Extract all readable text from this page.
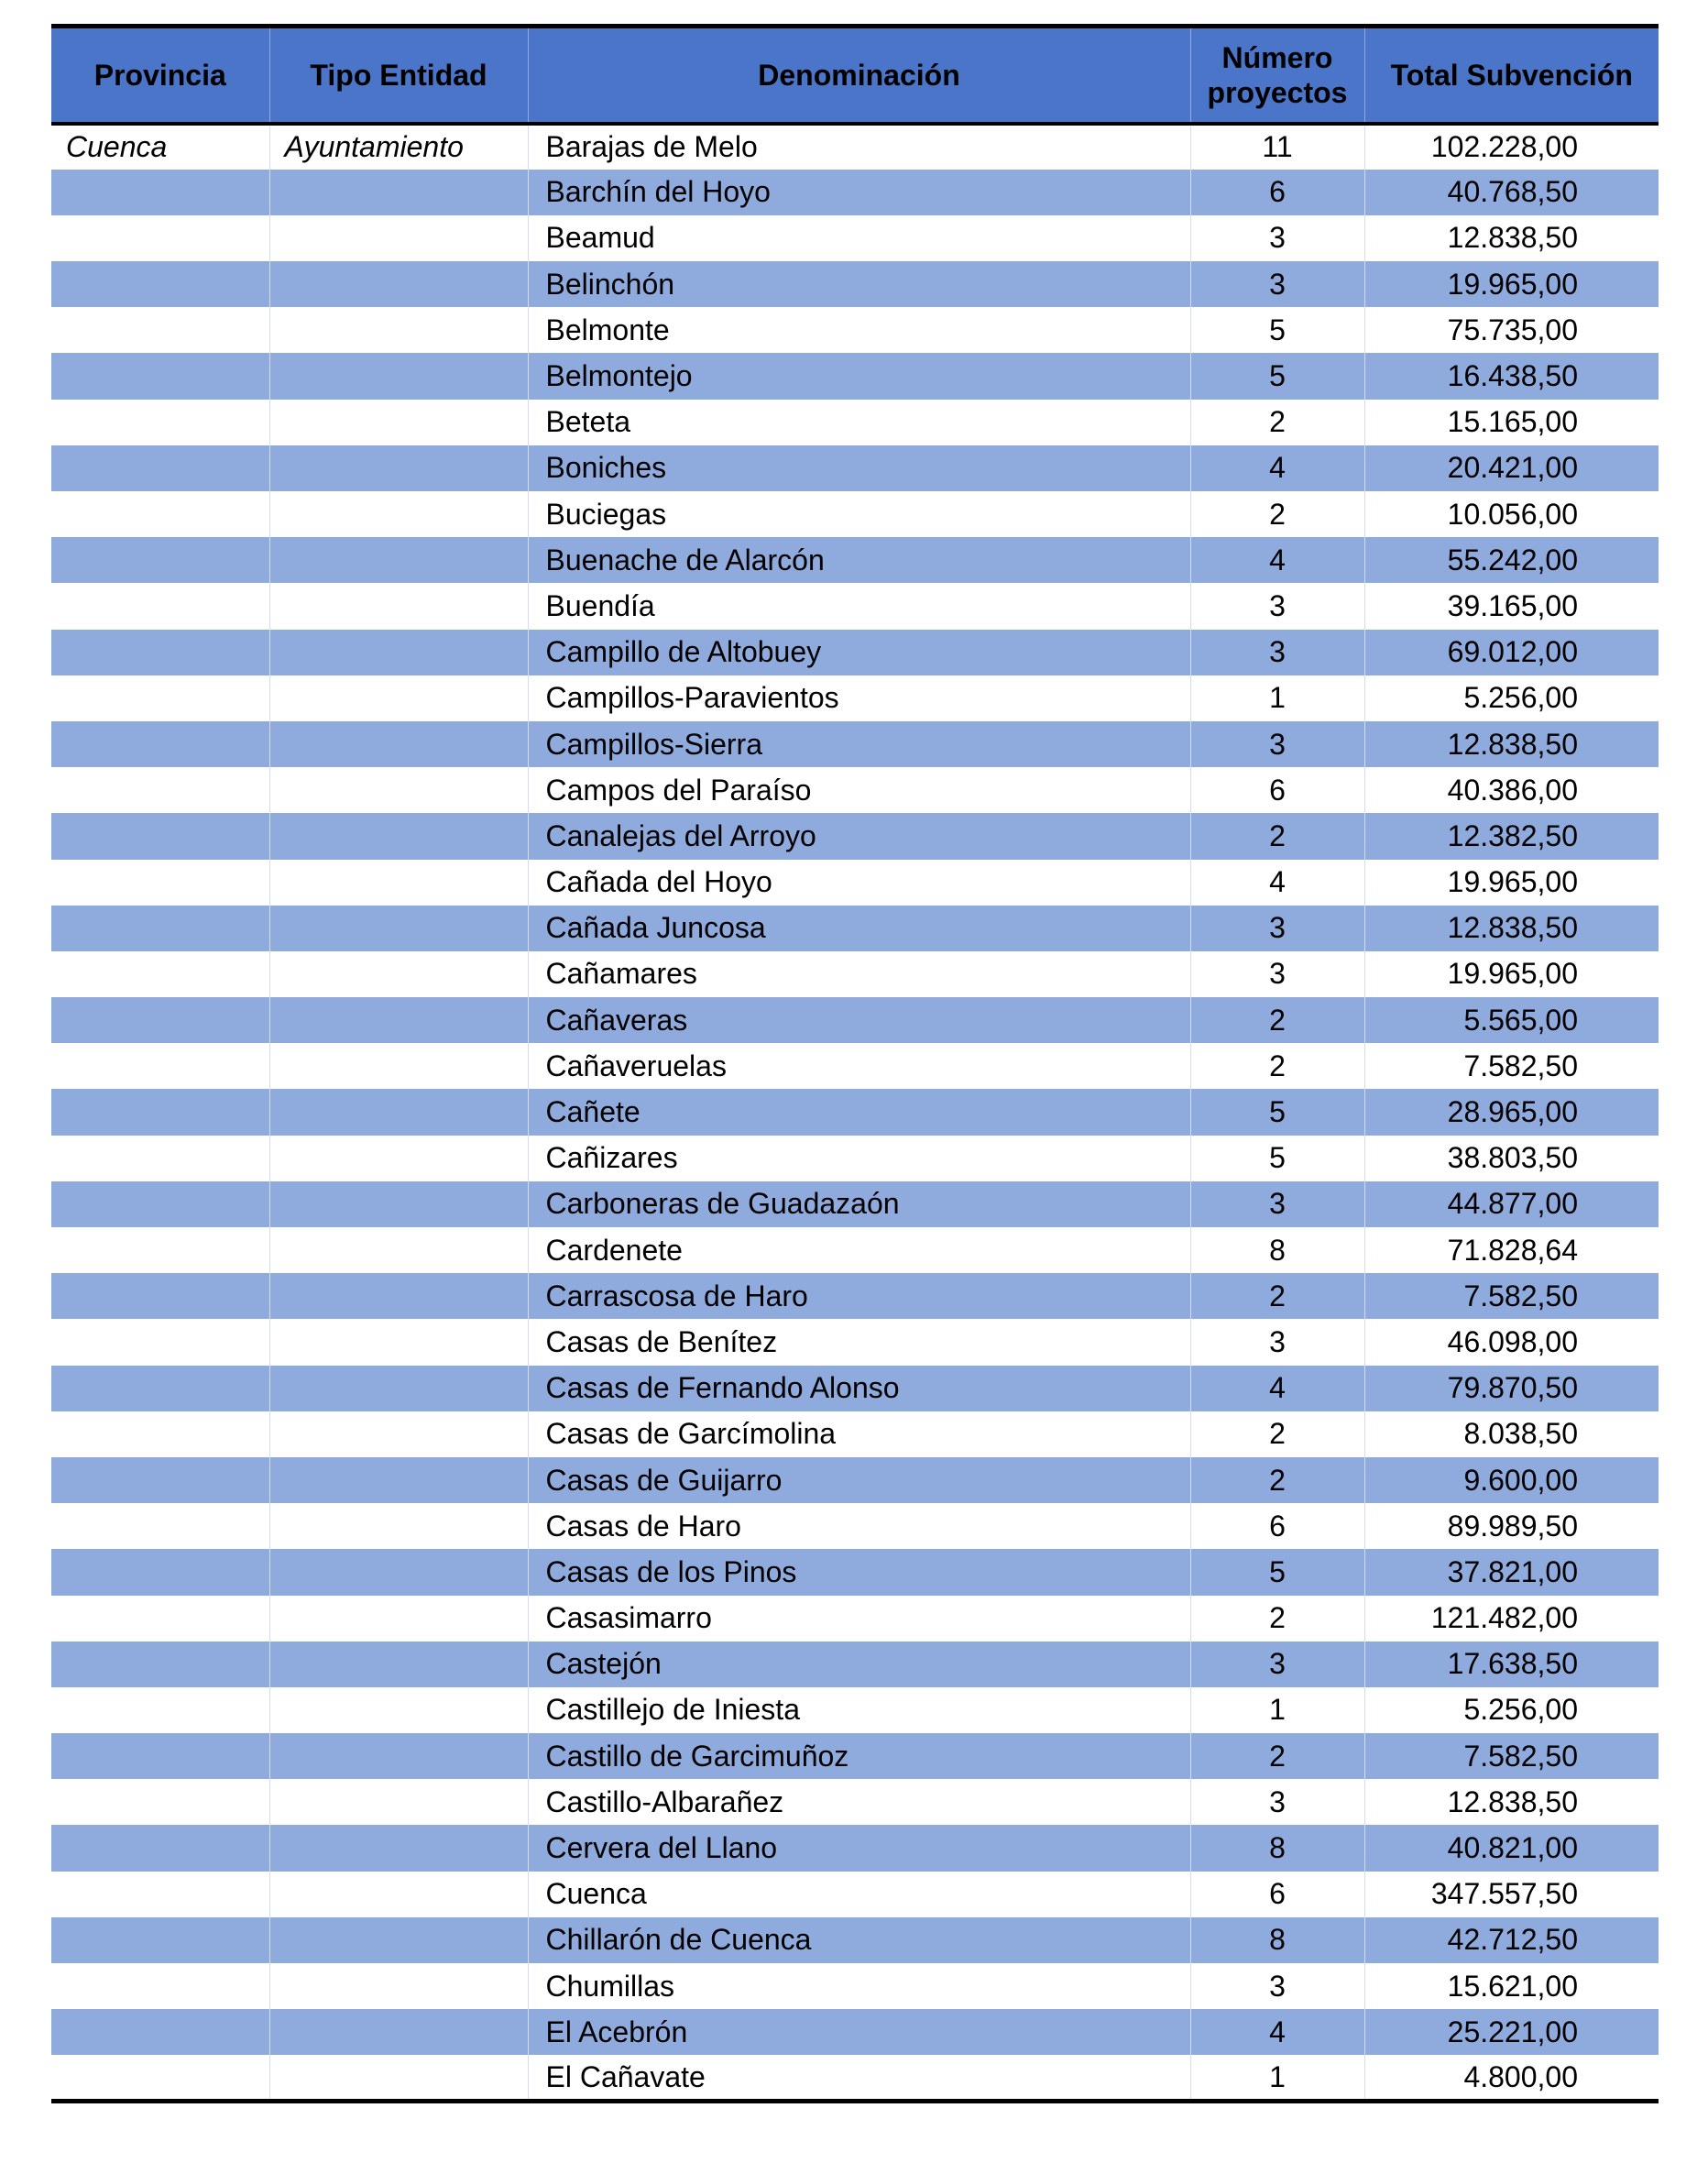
Provincia	Tipo Entidad	Denominación	Número proyectos	Total Subvención
Cuenca	Ayuntamiento	Barajas de Melo	11	102.228,00
		Barchín del Hoyo	6	40.768,50
		Beamud	3	12.838,50
		Belinchón	3	19.965,00
		Belmonte	5	75.735,00
		Belmontejo	5	16.438,50
		Beteta	2	15.165,00
		Boniches	4	20.421,00
		Buciegas	2	10.056,00
		Buenache de Alarcón	4	55.242,00
		Buendía	3	39.165,00
		Campillo de Altobuey	3	69.012,00
		Campillos-Paravientos	1	5.256,00
		Campillos-Sierra	3	12.838,50
		Campos del Paraíso	6	40.386,00
		Canalejas del Arroyo	2	12.382,50
		Cañada del Hoyo	4	19.965,00
		Cañada Juncosa	3	12.838,50
		Cañamares	3	19.965,00
		Cañaveras	2	5.565,00
		Cañaveruelas	2	7.582,50
		Cañete	5	28.965,00
		Cañizares	5	38.803,50
		Carboneras de Guadazaón	3	44.877,00
		Cardenete	8	71.828,64
		Carrascosa de Haro	2	7.582,50
		Casas de Benítez	3	46.098,00
		Casas de Fernando Alonso	4	79.870,50
		Casas de Garcímolina	2	8.038,50
		Casas de Guijarro	2	9.600,00
		Casas de Haro	6	89.989,50
		Casas de los Pinos	5	37.821,00
		Casasimarro	2	121.482,00
		Castejón	3	17.638,50
		Castillejo de Iniesta	1	5.256,00
		Castillo de Garcimuñoz	2	7.582,50
		Castillo-Albarañez	3	12.838,50
		Cervera del Llano	8	40.821,00
		Cuenca	6	347.557,50
		Chillarón de Cuenca	8	42.712,50
		Chumillas	3	15.621,00
		El Acebrón	4	25.221,00
		El Cañavate	1	4.800,00
